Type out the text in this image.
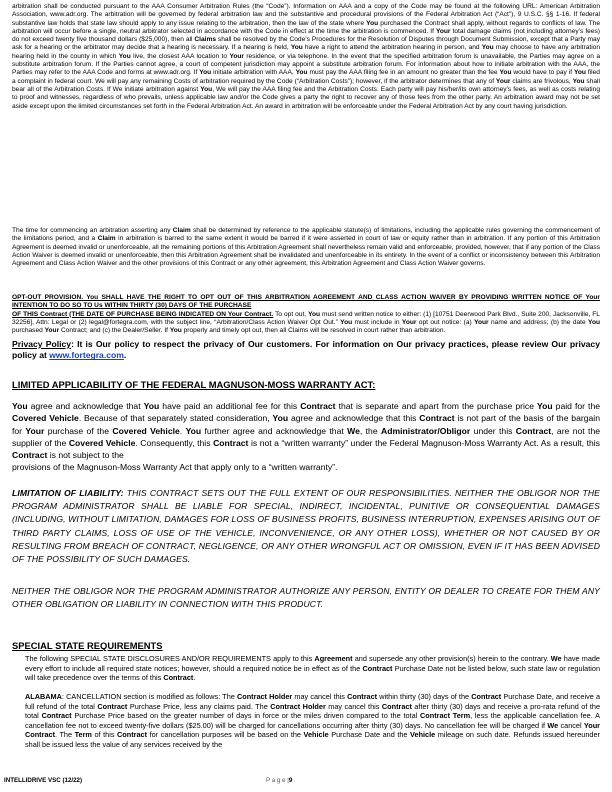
arbitration shall be conducted pursuant to the AAA Consumer Arbitration Rules (the “Code”). Information on AAA and a copy of the Code may be found at the following URL: American Arbitration Association, www.adr.org. The arbitration will be governed by federal arbitration law and the substantive and procedural provisions of the Federal Arbitration Act (“Act”), 9 U.S.C. §§ 1-16. If federal substantive law holds that state law should apply to any issue relating to the arbitration, then the law of the state where You purchased the Contract shall apply, without regards to conflicts of law. The arbitration will occur before a single, neutral arbitrator selected in accordance with the Code in effect at the time the arbitration is commenced. If Your total damage claims (not including attorney’s fees) do not exceed twenty five thousand dollars ($25,000), then all Claims shall be resolved by the Code’s Procedures for the Resolution of Disputes through Document Submission, except that a Party may ask for a hearing or the arbitrator may decide that a hearing is necessary. If a hearing is held, You have a right to attend the arbitration hearing in person, and You may choose to have any arbitration hearing held in the county in which You live, the closest AAA location to Your residence, or via telephone. In the event that the specified arbitration forum is unavailable, the Parties may agree on a substitute arbitration forum. If the Parties cannot agree, a court of competent jurisdiction may appoint a substitute arbitration forum. For information about how to initiate arbitration with the AAA, the Parties may refer to the AAA Code and forms at www.adr.org. If You initiate arbitration with AAA, You must pay the AAA filing fee in an amount no greater than the fee You would have to pay if You filed a complaint in federal court. We will pay any remaining Costs of arbitration required by the Code (“Arbitration Costs”); however, if the arbitrator determines that any of Your claims are frivolous, You shall bear all of the Arbitration Costs. If We initiate arbitration against You, We will pay the AAA filing fee and the Arbitration Costs. Each party will pay his/her/its own attorney’s fees, as well as costs relating to proof and witnesses, regardless of who prevails, unless applicable law and/or the Code gives a party the right to recover any of those fees from the other party. An arbitration award may not be set aside except upon the limited circumstances set forth in the Federal Arbitration Act. An award in arbitration will be enforceable under the Federal Arbitration Act by any court having jurisdiction.
The time for commencing an arbitration asserting any Claim shall be determined by reference to the applicable statute(s) of limitations, including the applicable rules governing the commencement of the limitations period, and a Claim in arbitration is barred to the same extent it would be barred if it were asserted in court of law or equity rather than in arbitration. If any portion of this Arbitration Agreement is deemed invalid or unenforceable, all the remaining portions of this Arbitration Agreement shall nevertheless remain valid and enforceable, provided, however, that if any portion of the Class Action Waiver is deemed invalid or unenforceable, then this Arbitration Agreement shall be invalidated and unenforceable in its entirety. In the event of a conflict or inconsistency between this Arbitration Agreement and Class Action Waiver and the other provisions of this Contract or any other agreement, this Arbitration Agreement and Class Action Waiver governs.
OPT-OUT PROVISION. You SHALL HAVE THE RIGHT TO OPT OUT OF THIS ARBITRATION AGREEMENT AND CLASS ACTION WAIVER BY PROVIDING WRITTEN NOTICE OF Your INTENTION TO DO SO TO Us WITHIN THIRTY (30) DAYS OF THE PURCHASE
OF THIS Contract (THE DATE OF PURCHASE BEING INDICATED ON Your Contract. To opt out, You must send written notice to either: (1) [10751 Deerwood Park Blvd., Suite 200, Jacksonville, FL 32256], Attn: Legal or (2) legal@fortegra.com, with the subject line, “Arbitration/Class Action Waiver Opt Out.” You must include in Your opt out notice: (a) Your name and address; (b) the date You purchased Your Contract; and (c) the Dealer/Seller. If You properly and timely opt out, then all Claims will be resolved in court rather than arbitration.
Privacy Policy: It is Our policy to respect the privacy of Our customers. For information on Our privacy practices, please review Our privacy policy at www.fortegra.com.
LIMITED APPLICABILITY OF THE FEDERAL MAGNUSON-MOSS WARRANTY ACT:
You agree and acknowledge that You have paid an additional fee for this Contract that is separate and apart from the purchase price You paid for the Covered Vehicle. Because of that separately stated consideration, You agree and acknowledge that this Contract is not part of the basis of the bargain for Your purchase of the Covered Vehicle. You further agree and acknowledge that We, the Administrator/Obligor under this Contract, are not the supplier of the Covered Vehicle. Consequently, this Contract is not a “written warranty” under the Federal Magnuson-Moss Warranty Act. As a result, this Contract is not subject to the
provisions of the Magnuson-Moss Warranty Act that apply only to a “written warranty”.
LIMITATION OF LIABILITY: THIS CONTRACT SETS OUT THE FULL EXTENT OF OUR RESPONSIBILITIES. NEITHER THE OBLIGOR NOR THE PROGRAM ADMINISTRATOR SHALL BE LIABLE FOR SPECIAL, INDIRECT, INCIDENTAL, PUNITIVE OR CONSEQUENTIAL DAMAGES (INCLUDING, WITHOUT LIMITATION, DAMAGES FOR LOSS OF BUSINESS PROFITS, BUSINESS INTERRUPTION, EXPENSES ARISING OUT OF THIRD PARTY CLAIMS, LOSS OF USE OF THE VEHICLE, INCONVENIENCE, OR ANY OTHER LOSS), WHETHER OR NOT CAUSED BY OR RESULTING FROM BREACH OF CONTRACT, NEGLIGENCE, OR ANY OTHER WRONGFUL ACT OR OMISSION, EVEN IF IT HAS BEEN ADVISED OF THE POSSIBILITY OF SUCH DAMAGES.
NEITHER THE OBLIGOR NOR THE PROGRAM ADMINISTRATOR AUTHORIZE ANY PERSON, ENTITY OR DEALER TO CREATE FOR THEM ANY OTHER OBLIGATION OR LIABILITY IN CONNECTION WITH THIS PRODUCT.
SPECIAL STATE REQUIREMENTS
The following SPECIAL STATE DISCLOSURES AND/OR REQUIREMENTS apply to this Agreement and supersede any other provision(s) herein to the contrary. We have made every effort to include all required state notices; however, should a required notice be in effect as of the Contract Purchase Date not be listed below, such state law or regulation will take precedence over the terms of this Contract.
ALABAMA: CANCELLATION section is modified as follows: The Contract Holder may cancel this Contract within thirty (30) days of the Contract Purchase Date, and receive a full refund of the total Contract Purchase Price, less any claims paid. The Contract Holder may cancel this Contract after thirty (30) days and receive a pro-rata refund of the total Contract Purchase Price based on the greater number of days in force or the miles driven compared to the total Contract Term, less the applicable cancellation fee. A cancellation fee not to exceed twenty-five dollars ($25.00) will be charged for cancellations occurring after thirty (30) days. No cancellation fee will be charged if We cancel Your Contract. The Term of this Contract for cancellation purposes will be based on the Vehicle Purchase Date and the Vehicle mileage on such date. Refunds issued hereunder shall be issued less the value of any services received by the
INTELLIDRIVE VSC (12/22)	P a g e |9
